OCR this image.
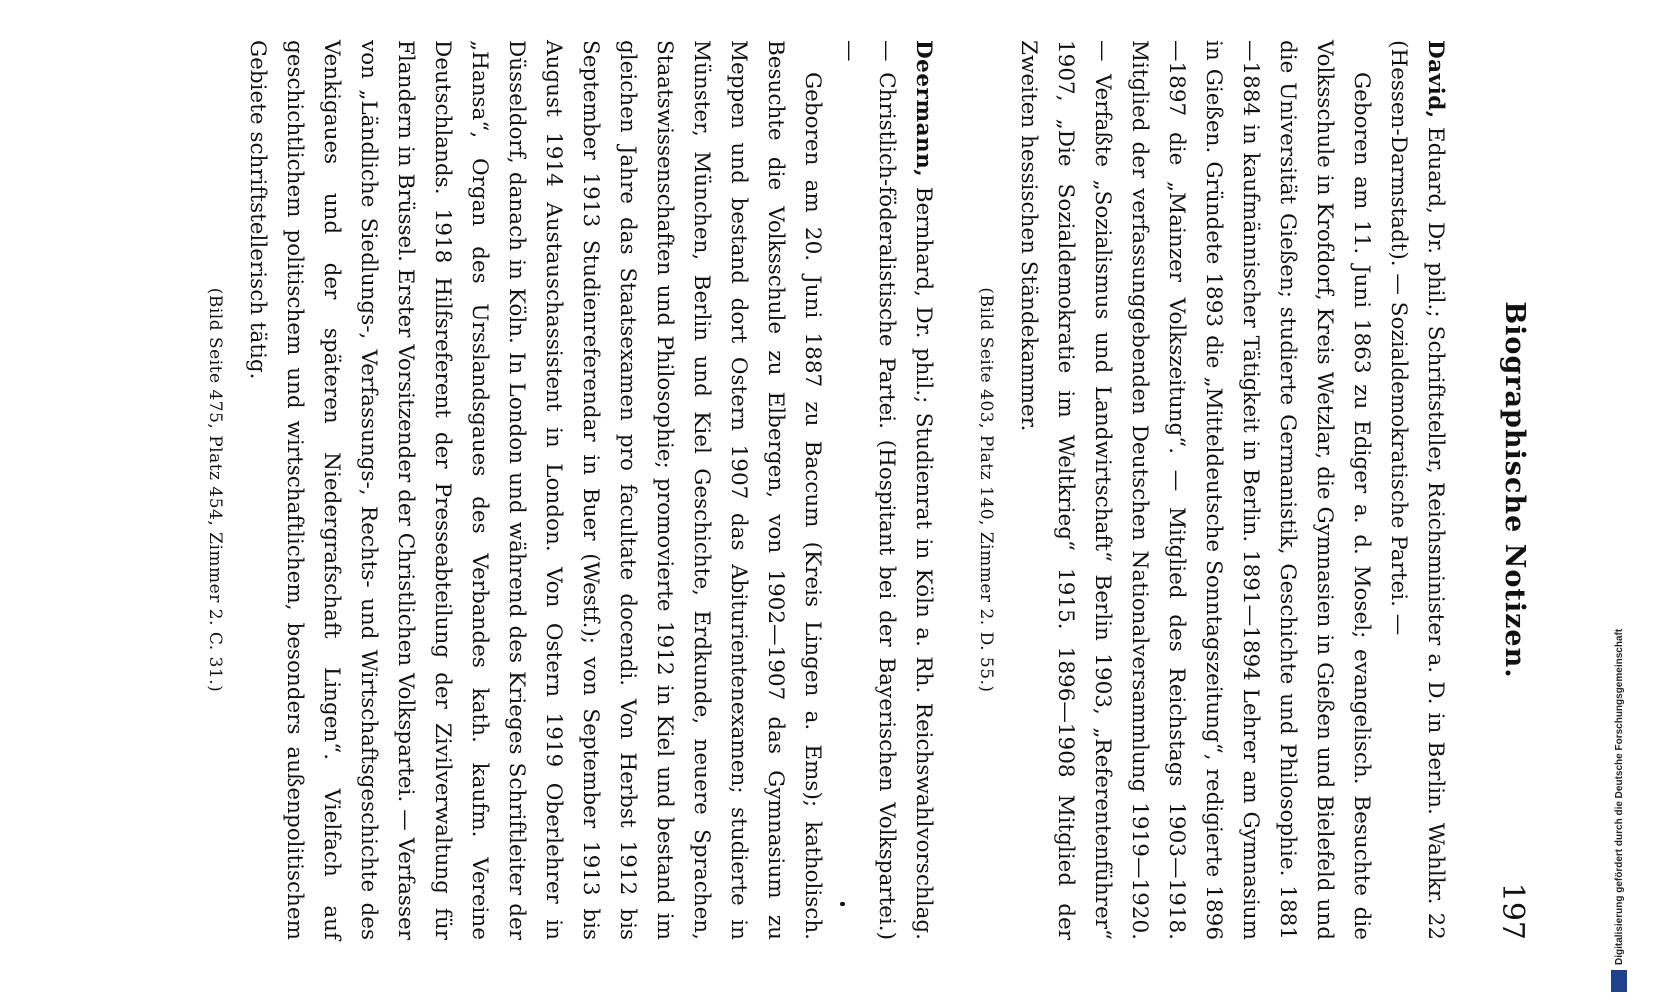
Biographische Notizen.
197

David, Eduard, Dr. phil.; Schriftsteller, Reichsminister a. D. in Berlin. Wahlkr. 22 (Hessen-Darmstadt). — Sozialdemokratische Partei. —

Geboren am 11. Juni 1863 zu Ediger a. d. Mosel; evangelisch. Besuchte die Volksschule in Krofdorf, Kreis Wetzlar, die Gymnasien in Gießen und Bielefeld und die Universität Gießen; studierte Germanistik, Geschichte und Philosophie. 1881—1884 in kaufmännischer Tätigkeit in Berlin. 1891—1894 Lehrer am Gymnasium in Gießen. Gründete 1893 die „Mitteldeutsche Sonntagszeitung“, redigierte 1896—1897 die „Mainzer Volkszeitung“. — Mitglied des Reichstags 1903—1918. Mitglied der verfassunggebenden Deutschen Nationalversammlung 1919—1920. — Verfaßte „Sozialismus und Landwirtschaft“ Berlin 1903, „Referentenführer“ 1907, „Die Sozialdemokratie im Weltkrieg“ 1915. 1896—1908 Mitglied der Zweiten hessischen Ständekammer.

(Bild Seite 403, Platz 140, Zimmer 2. D. 55.)

Deermann, Bernhard, Dr. phil.; Studienrat in Köln a. Rh. Reichswahlvorschlag. — Christlich-föderalistische Partei. (Hospitant bei der Bayerischen Volkspartei.) —

Geboren am 20. Juni 1887 zu Baccum (Kreis Lingen a. Ems); katholisch. Besuchte die Volksschule zu Elbergen, von 1902—1907 das Gymnasium zu Meppen und bestand dort Ostern 1907 das Abiturientenexamen; studierte in Münster, München, Berlin und Kiel Geschichte, Erdkunde, neuere Sprachen, Staatswissenschaften und Philosophie; promovierte 1912 in Kiel und bestand im gleichen Jahre das Staatsexamen pro facultate docendi. Von Herbst 1912 bis September 1913 Studienreferendar in Buer (Westf.); von September 1913 bis August 1914 Austauschassistent in London. Von Ostern 1919 Oberlehrer in Düsseldorf, danach in Köln. In London und während des Krieges Schriftleiter der „Hansa“, Organ des Ursslandsgaues des Verbandes kath. kaufm. Vereine Deutschlands. 1918 Hilfsreferent der Presseabteilung der Zivilverwaltung für Flandern in Brüssel. Erster Vorsitzender der Christlichen Volkspartei. — Verfasser von „Ländliche Siedlungs-, Verfassungs-, Rechts- und Wirtschaftsgeschichte des Venkigaues und der späteren Niedergrafschaft Lingen“. Vielfach auf geschichtlichem politischem und wirtschaftlichem, besonders außenpolitischem Gebiete schriftstellerisch tätig.

(Bild Seite 475, Platz 454, Zimmer 2. C. 31.)
Digitalisierung gefördert durch die Deutsche Forschungsgemeinschaft
